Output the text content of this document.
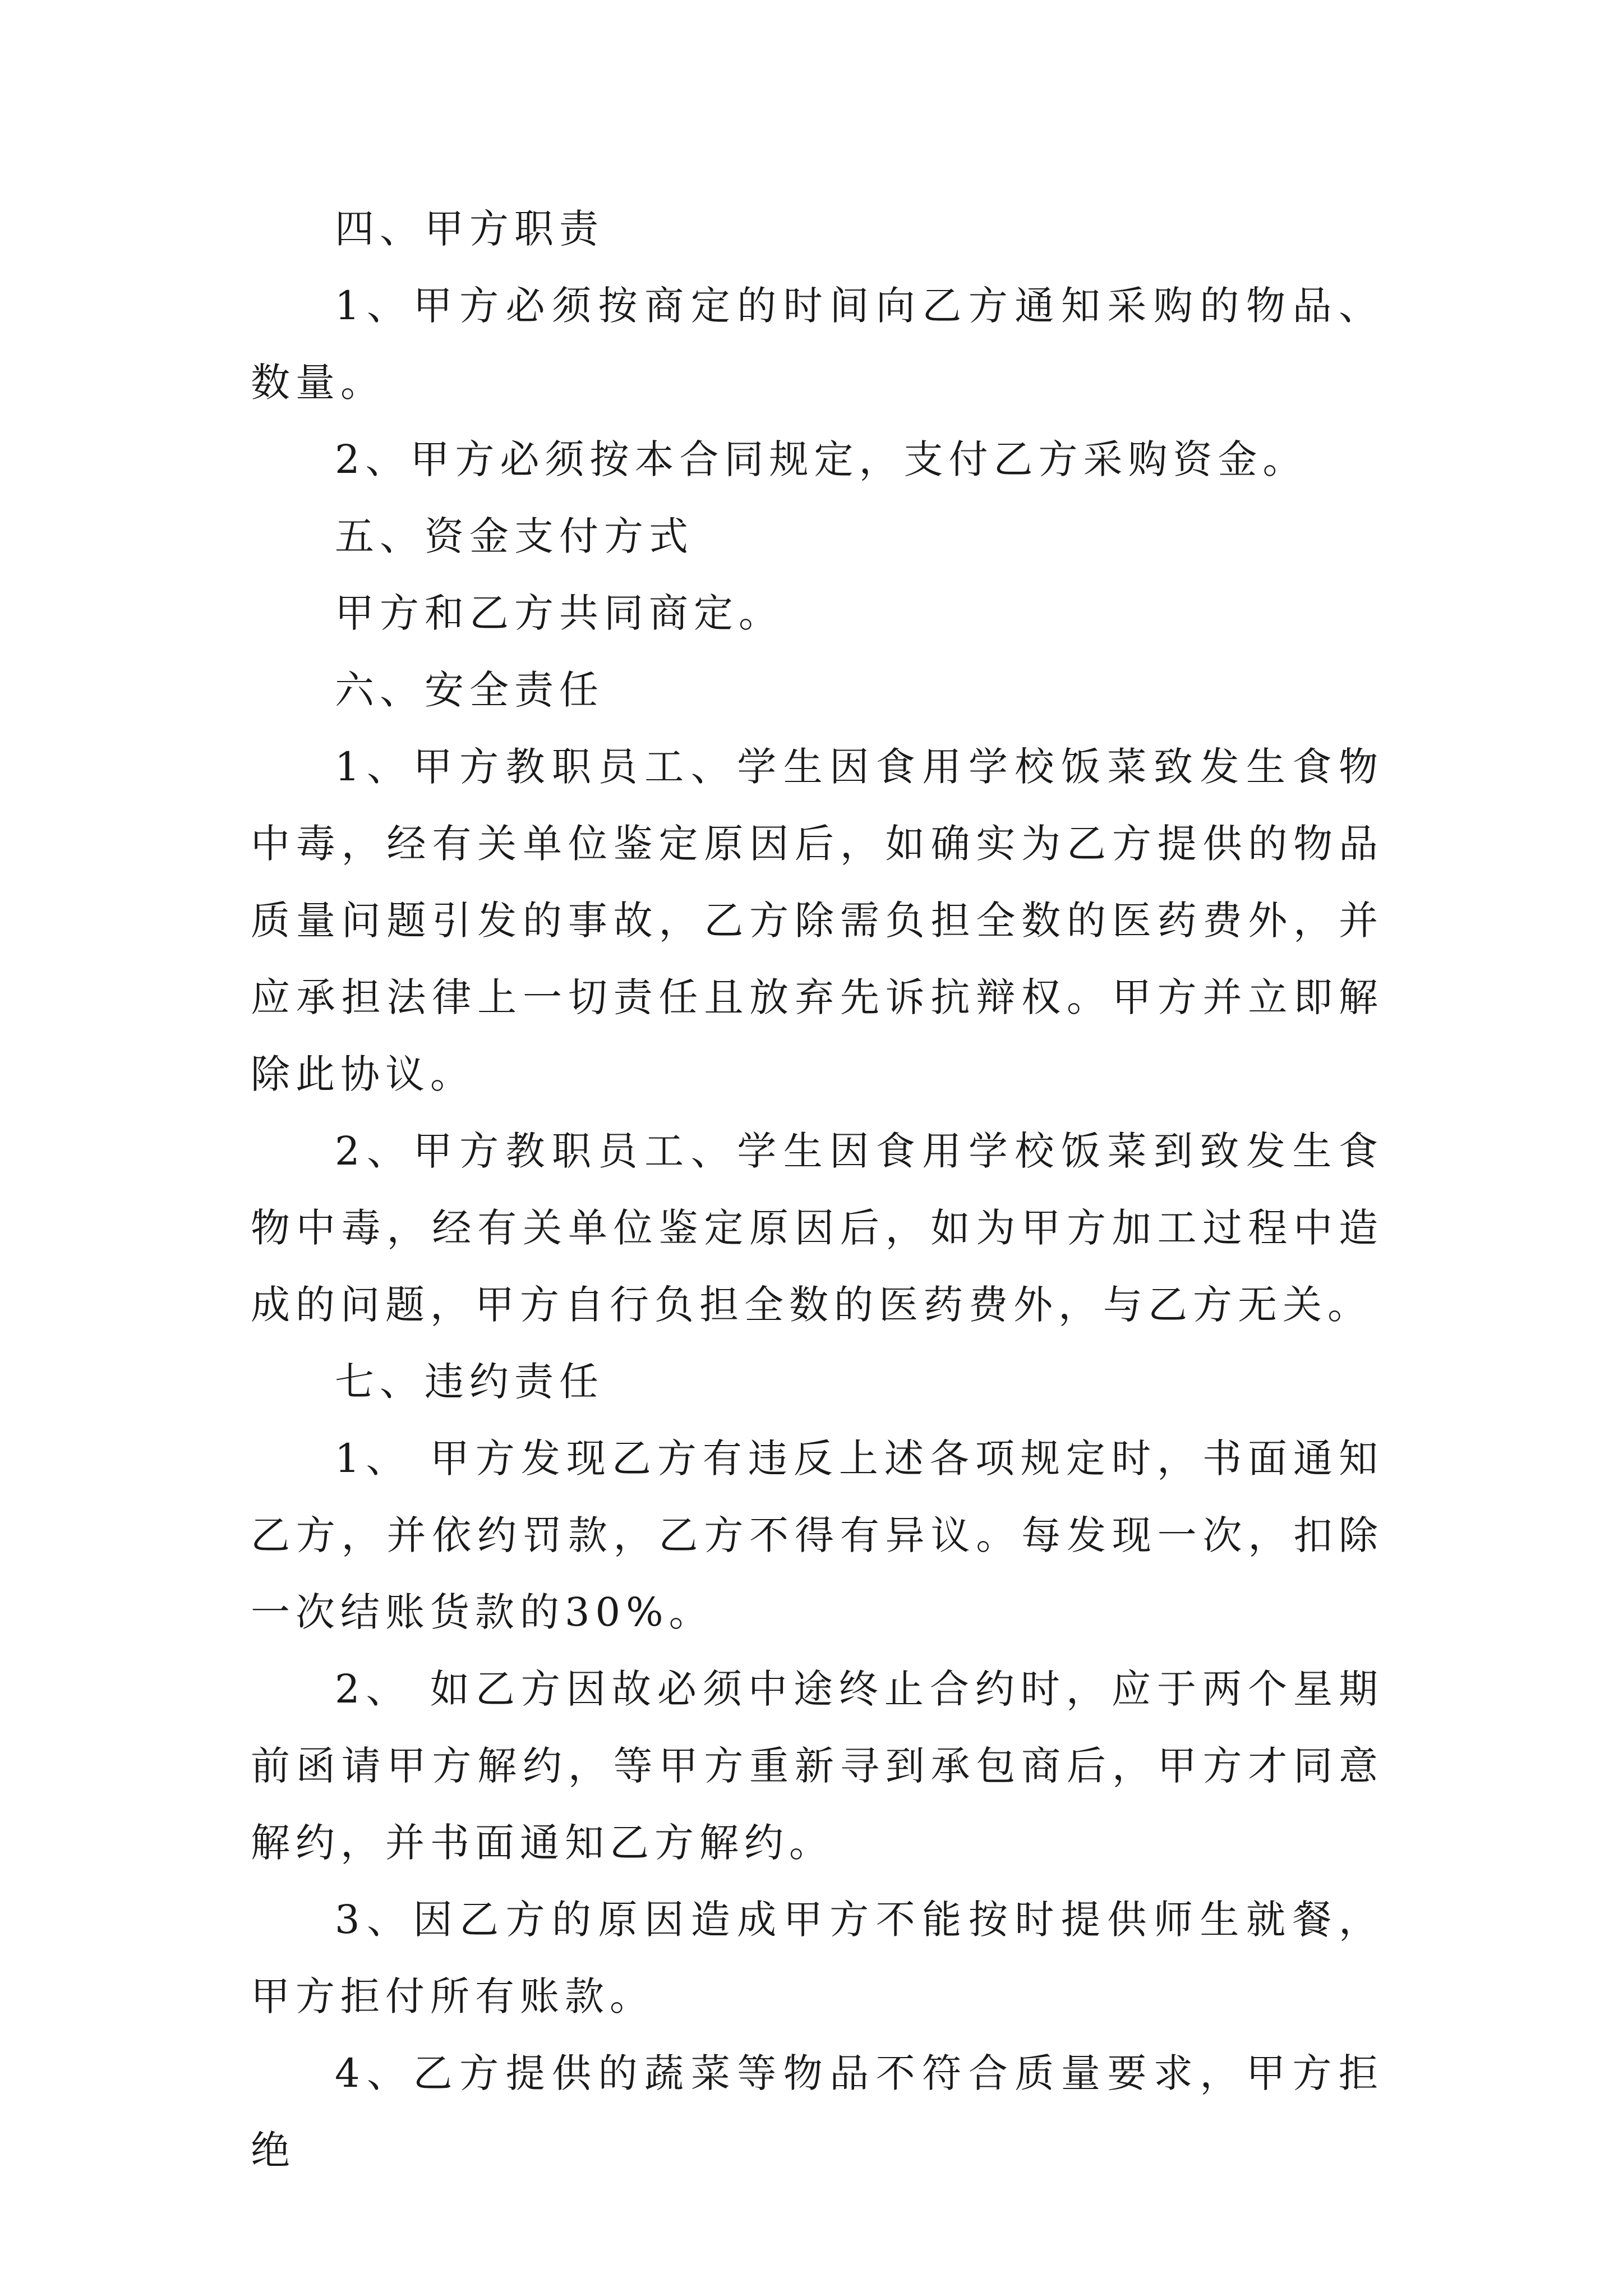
四、甲方职责

1、甲方必须按商定的时间向乙方通知采购的物品、数量。

2、甲方必须按本合同规定，支付乙方采购资金。

五、资金支付方式

甲方和乙方共同商定。

六、安全责任

1、甲方教职员工、学生因食用学校饭菜致发生食物中毒，经有关单位鉴定原因后，如确实为乙方提供的物品质量问题引发的事故，乙方除需负担全数的医药费外，并应承担法律上一切责任且放弃先诉抗辩权。甲方并立即解除此协议。

2、甲方教职员工、学生因食用学校饭菜到致发生食物中毒，经有关单位鉴定原因后，如为甲方加工过程中造成的问题，甲方自行负担全数的医药费外，与乙方无关。

七、违约责任

1、 甲方发现乙方有违反上述各项规定时，书面通知乙方，并依约罚款，乙方不得有异议。每发现一次，扣除一次结账货款的30%。

2、 如乙方因故必须中途终止合约时，应于两个星期前函请甲方解约，等甲方重新寻到承包商后，甲方才同意解约，并书面通知乙方解约。

3、因乙方的原因造成甲方不能按时提供师生就餐，甲方拒付所有账款。

4、乙方提供的蔬菜等物品不符合质量要求，甲方拒绝
